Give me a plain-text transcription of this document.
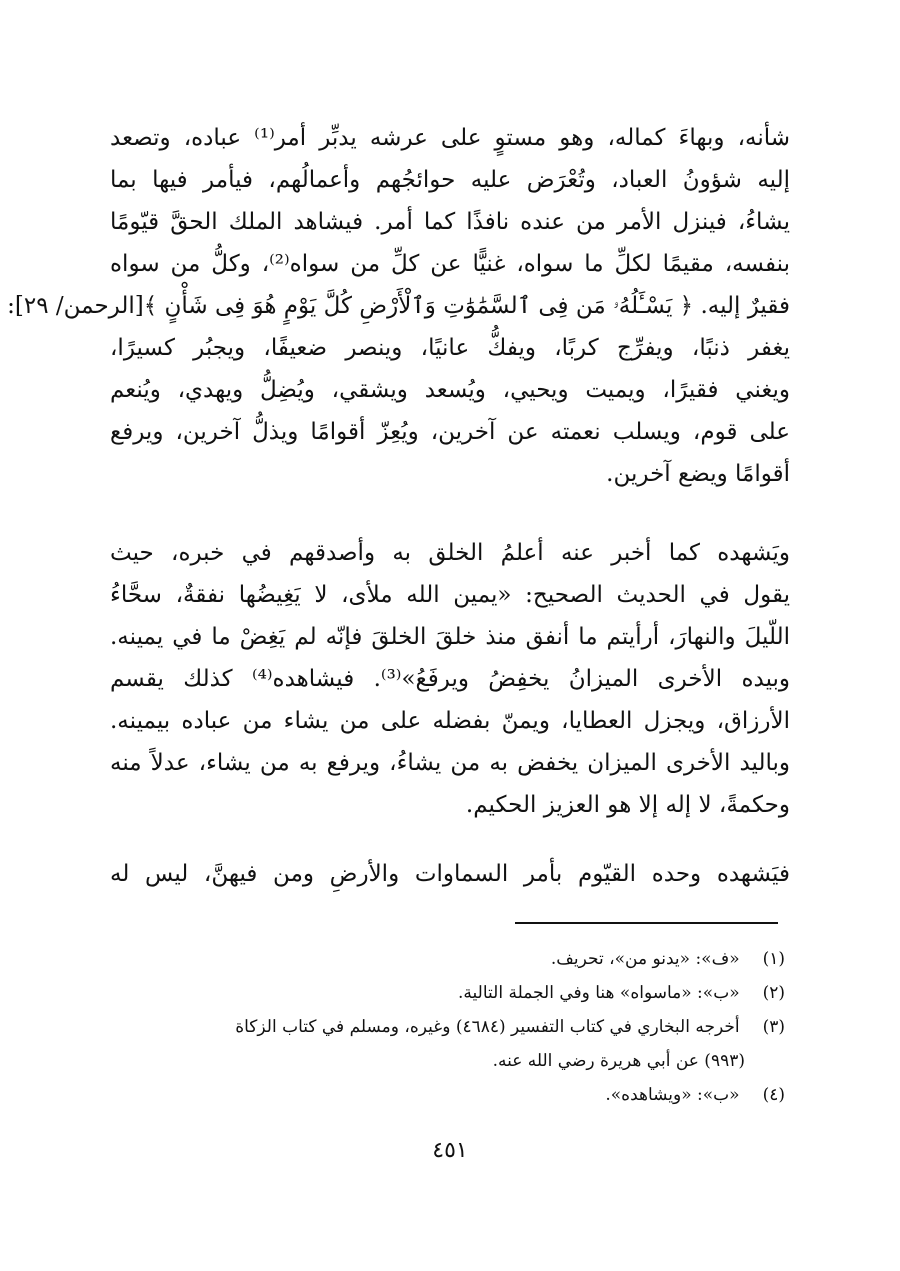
شأنه، وبهاءَ كماله، وهو مستوٍ على عرشه يدبِّر أمر⁽¹⁾ عباده، وتصعد
إليه شؤونُ العباد، وتُعْرَض عليه حوائجُهم وأعمالُهم، فيأمر فيها بما
يشاءُ، فينزل الأمر من عنده نافذًا كما أمر. فيشاهد الملك الحقَّ قيّومًا
بنفسه، مقيمًا لكلِّ ما سواه، غنيًّا عن كلِّ من سواه⁽²⁾، وكلُّ من سواه
فقيرٌ إليه. ﴿ يَسْـَٔلُهُۥ مَن فِى ٱلسَّمَٰوَٰتِ وَٱلْأَرْضِ كُلَّ يَوْمٍ هُوَ فِى شَأْنٍ ﴾[الرحمن/ ٢٩]:
يغفر ذنبًا، ويفرِّج كربًا، ويفكُّ عانيًا، وينصر ضعيفًا، ويجبُر كسيرًا،
ويغني فقيرًا، ويميت ويحيي، ويُسعد ويشقي، ويُضِلُّ ويهدي، ويُنعم
على قوم، ويسلب نعمته عن آخرين، ويُعِزّ أقوامًا ويذلُّ آخرين، ويرفع
أقوامًا ويضع آخرين.
ويَشهده كما أخبر عنه أعلمُ الخلق به وأصدقهم في خبره، حيث
يقول في الحديث الصحيح: «يمين الله ملأى، لا يَغِيضُها نفقةٌ، سحَّاءُ
اللّيلَ والنهارَ، أرأيتم ما أنفق منذ خلقَ الخلقَ فإنّه لم يَغِضْ ما في يمينه.
وبيده الأخرى الميزانُ يخفِضُ ويرفَعُ»⁽³⁾. فيشاهده⁽⁴⁾ كذلك يقسم
الأرزاق، ويجزل العطايا، ويمنّ بفضله على من يشاء من عباده بيمينه.
وباليد الأخرى الميزان يخفض به من يشاءُ، ويرفع به من يشاء، عدلاً منه
وحكمةً، لا إله إلا هو العزيز الحكيم.
فيَشهده وحده القيّوم بأمر السماوات والأرضِ ومن فيهنَّ، ليس له
(١) «ف»: «يدنو من»، تحريف.
(٢) «ب»: «ماسواه» هنا وفي الجملة التالية.
(٣) أخرجه البخاري في كتاب التفسير (٤٦٨٤) وغيره، ومسلم في كتاب الزكاة
(٩٩٣) عن أبي هريرة رضي الله عنه.
(٤) «ب»: «ويشاهده».
٤٥١
